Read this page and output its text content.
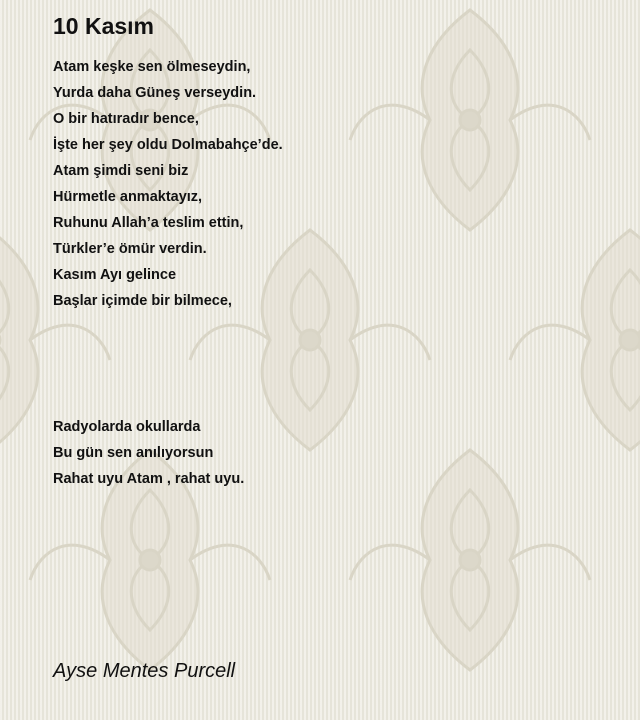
10 Kasım
Atam keşke sen ölmeseydin,
Yurda daha Güneş verseydin.
O bir hatıradır bence,
İşte her şey oldu Dolmabahçe’de.
Atam şimdi seni biz
Hürmetle anmaktayız,
Ruhunu Allah’a teslim ettin,
Türkler’e ömür verdin.
Kasım Ayı gelince
Başlar içimde bir bilmece,
Radyolarda okullarda
Bu gün sen anılıyorsun
Rahat uyu Atam , rahat uyu.
Ayse Mentes Purcell
